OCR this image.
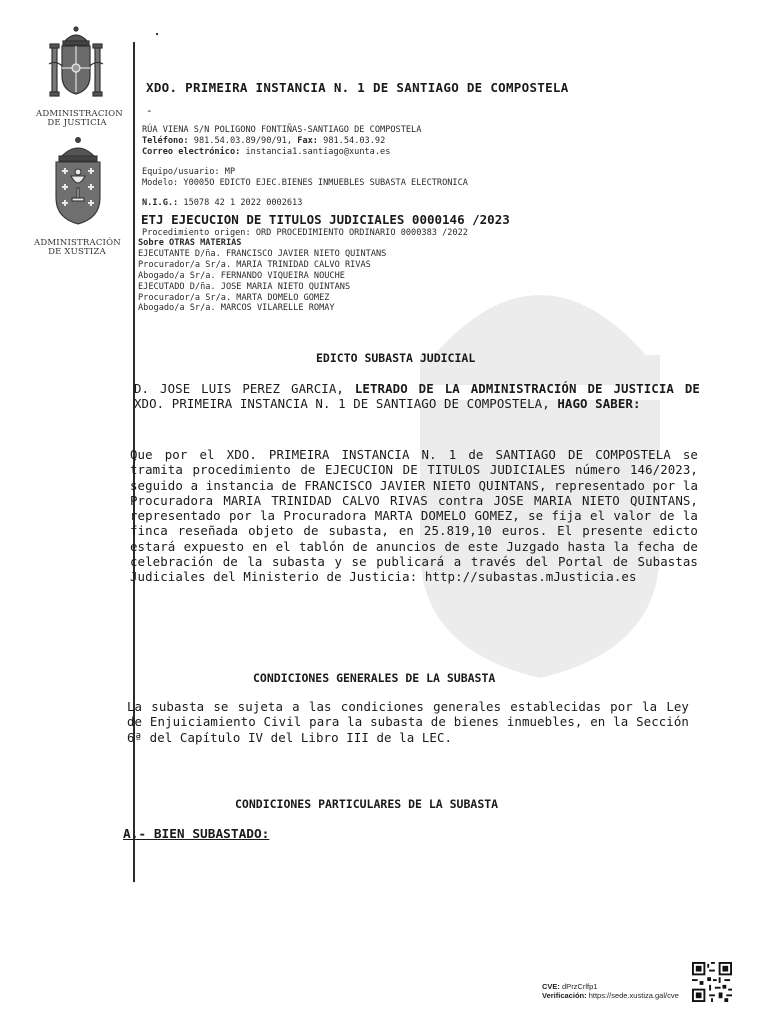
ADMINISTRACION
DE JUSTICIA
ADMINISTRACIÓN
DE XUSTIZA
XDO. PRIMEIRA INSTANCIA N. 1 DE SANTIAGO DE COMPOSTELA
-
RÚA VIENA S/N POLIGONO FONTIÑAS-SANTIAGO DE COMPOSTELA
Teléfono: 981.54.03.89/90/91, Fax: 981.54.03.92
Correo electrónico: instancia1.santiago@xunta.es
Equipo/usuario: MP
Modelo: Y0005O EDICTO EJEC.BIENES INMUEBLES SUBASTA ELECTRONICA
N.I.G.: 15078 42 1 2022 0002613
ETJ EJECUCION DE TITULOS JUDICIALES 0000146 /2023
Procedimiento origen: ORD PROCEDIMIENTO ORDINARIO 0000383 /2022
Sobre OTRAS MATERIAS
EJECUTANTE D/ña. FRANCISCO JAVIER NIETO QUINTANS
Procurador/a Sr/a. MARIA TRINIDAD CALVO RIVAS
Abogado/a Sr/a. FERNANDO VIQUEIRA NOUCHE
EJECUTADO D/ña. JOSE MARIA NIETO QUINTANS
Procurador/a Sr/a. MARTA DOMELO GOMEZ
Abogado/a Sr/a. MARCOS VILARELLE ROMAY
EDICTO SUBASTA JUDICIAL
D. JOSE LUIS PEREZ GARCIA, LETRADO DE LA ADMINISTRACIÓN DE JUSTICIA DE XDO. PRIMEIRA INSTANCIA N. 1 DE SANTIAGO DE COMPOSTELA, HAGO SABER:
Que por el XDO. PRIMEIRA INSTANCIA N. 1 de SANTIAGO DE COMPOSTELA se tramita procedimiento de EJECUCION DE TITULOS JUDICIALES número 146/2023, seguido a instancia de FRANCISCO JAVIER NIETO QUINTANS, representado por la Procuradora MARIA TRINIDAD CALVO RIVAS contra JOSE MARIA NIETO QUINTANS, representado por la Procuradora MARTA DOMELO GOMEZ, se fija el valor de la finca reseñada objeto de subasta, en 25.819,10 euros. El presente edicto estará expuesto en el tablón de anuncios de este Juzgado hasta la fecha de celebración de la subasta y se publicará a través del Portal de Subastas Judiciales del Ministerio de Justicia: http://subastas.mJusticia.es
CONDICIONES GENERALES DE LA SUBASTA
La subasta se sujeta a las condiciones generales establecidas por la Ley de Enjuiciamiento Civil para la subasta de bienes inmuebles, en la Sección 6ª del Capítulo IV del Libro III de la LEC.
CONDICIONES PARTICULARES DE LA SUBASTA
A.- BIEN SUBASTADO:
CVE: dPrzCrlfp1
Verificación: https://sede.xustiza.gal/cve
